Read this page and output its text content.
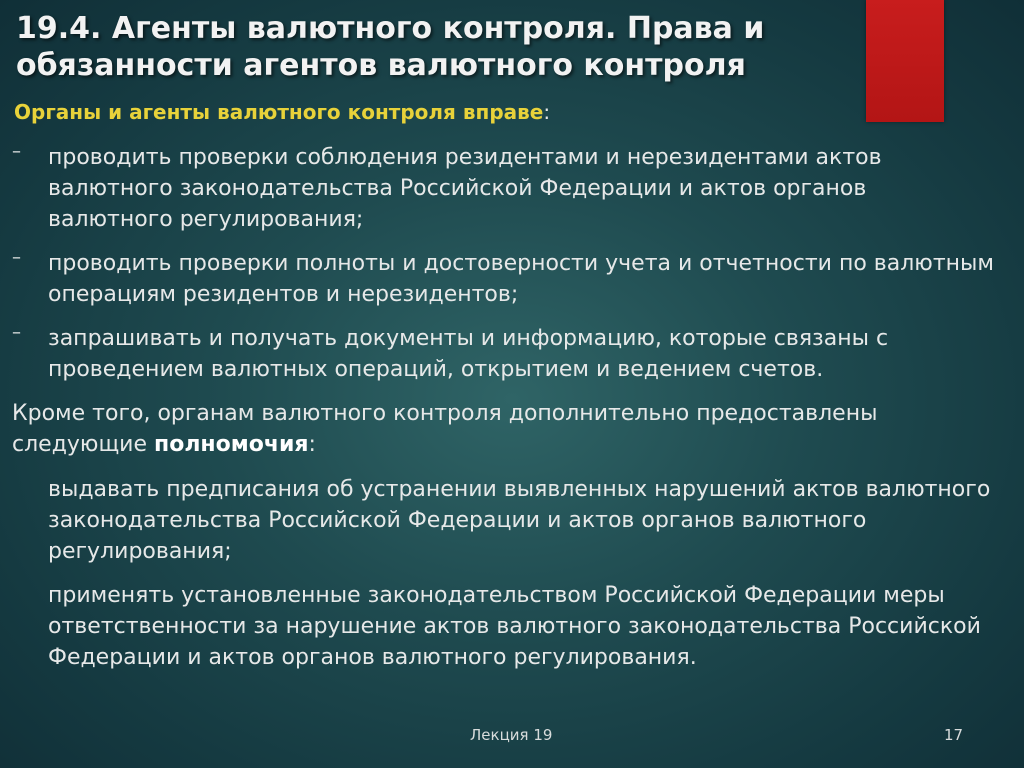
19.4. Агенты валютного контроля. Права и обязанности агентов валютного контроля

Органы и агенты валютного контроля вправе:

– проводить проверки соблюдения резидентами и нерезидентами актов валютного законодательства Российской Федерации и актов органов валютного регулирования;

– проводить проверки полноты и достоверности учета и отчетности по валютным операциям резидентов и нерезидентов;

– запрашивать и получать документы и информацию, которые связаны с проведением валютных операций, открытием и ведением счетов.

Кроме того, органам валютного контроля дополнительно предоставлены следующие полномочия:

выдавать предписания об устранении выявленных нарушений актов валютного законодательства Российской Федерации и актов органов валютного регулирования;

применять установленные законодательством Российской Федерации меры ответственности за нарушение актов валютного законодательства Российской Федерации и актов органов валютного регулирования.

Лекция 19	17
